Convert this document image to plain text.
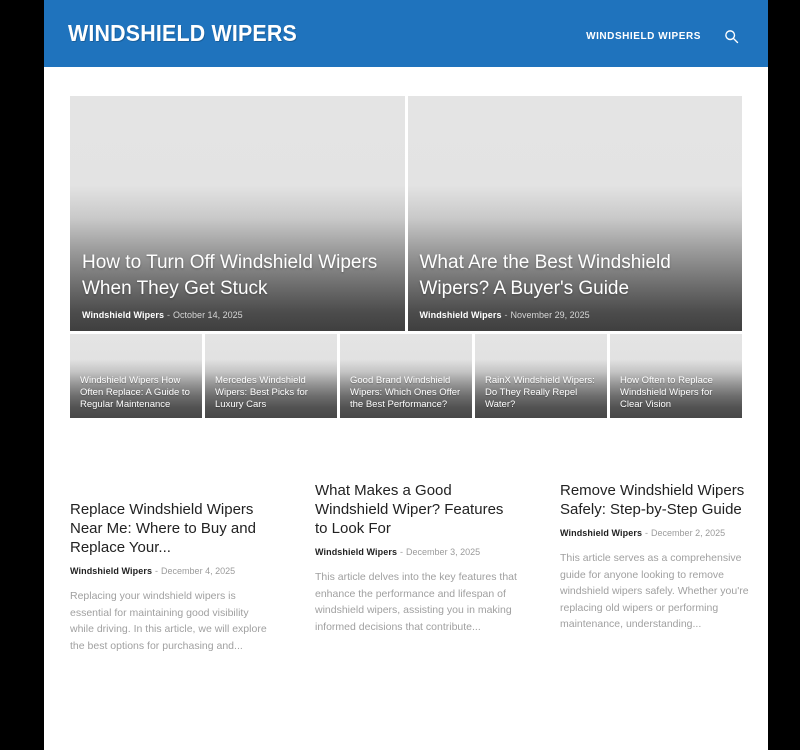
WINDSHIELD WIPERS	WINDSHIELD WIPERS
How to Turn Off Windshield Wipers When They Get Stuck
Windshield Wipers - October 14, 2025
What Are the Best Windshield Wipers? A Buyer's Guide
Windshield Wipers - November 29, 2025
Windshield Wipers How Often Replace: A Guide to Regular Maintenance
Mercedes Windshield Wipers: Best Picks for Luxury Cars
Good Brand Windshield Wipers: Which Ones Offer the Best Performance?
RainX Windshield Wipers: Do They Really Repel Water?
How Often to Replace Windshield Wipers for Clear Vision
Replace Windshield Wipers Near Me: Where to Buy and Replace Your...
Windshield Wipers - December 4, 2025

Replacing your windshield wipers is essential for maintaining good visibility while driving. In this article, we will explore the best options for purchasing and...

What Makes a Good Windshield Wiper? Features to Look For
Windshield Wipers - December 3, 2025

This article delves into the key features that enhance the performance and lifespan of windshield wipers, assisting you in making informed decisions that contribute...

Remove Windshield Wipers Safely: Step-by-Step Guide
Windshield Wipers - December 2, 2025

This article serves as a comprehensive guide for anyone looking to remove windshield wipers safely. Whether you're replacing old wipers or performing maintenance, understanding...
